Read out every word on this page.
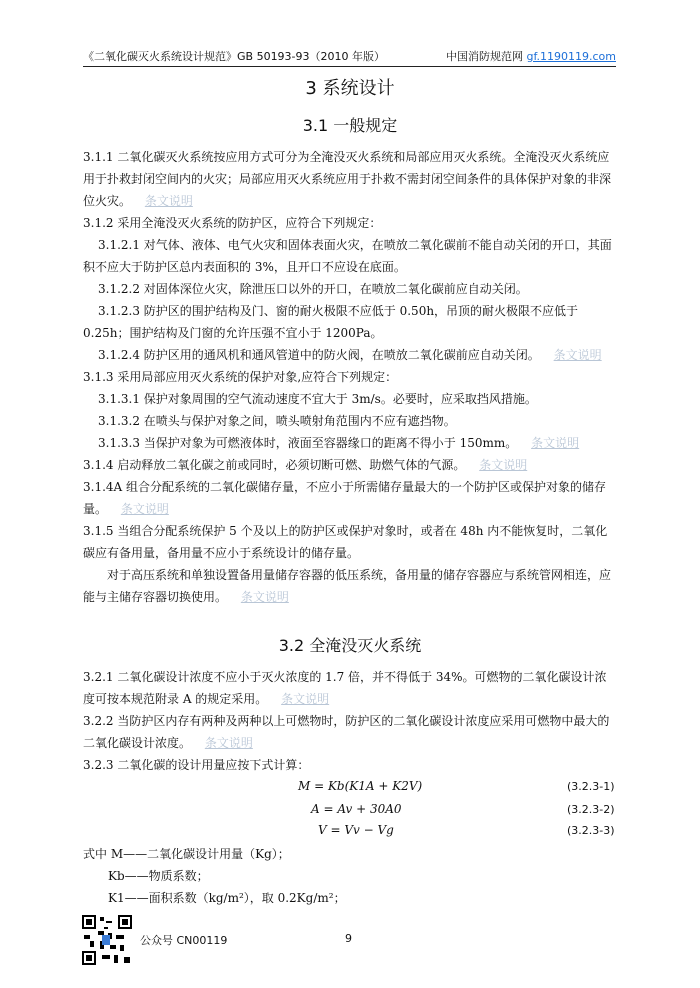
《二氧化碳灭火系统设计规范》GB 50193-93（2010 年版）	中国消防规范网 gf.1190119.com
3 系统设计
3.1 一般规定
3.1.1 二氧化碳灭火系统按应用方式可分为全淹没灭火系统和局部应用灭火系统。全淹没灭火系统应用于扑救封闭空间内的火灾；局部应用灭火系统应用于扑救不需封闭空间条件的具体保护对象的非深位火灾。 条文说明
3.1.2 采用全淹没灭火系统的防护区，应符合下列规定：
3.1.2.1 对气体、液体、电气火灾和固体表面火灾，在喷放二氧化碳前不能自动关闭的开口，其面积不应大于防护区总内表面积的 3%，且开口不应设在底面。
3.1.2.2 对固体深位火灾，除泄压口以外的开口，在喷放二氧化碳前应自动关闭。
3.1.2.3 防护区的围护结构及门、窗的耐火极限不应低于 0.50h，吊顶的耐火极限不应低于 0.25h；围护结构及门窗的允许压强不宜小于 1200Pa。
3.1.2.4 防护区用的通风机和通风管道中的防火阀，在喷放二氧化碳前应自动关闭。 条文说明
3.1.3 采用局部应用灭火系统的保护对象,应符合下列规定：
3.1.3.1 保护对象周围的空气流动速度不宜大于 3m/s。必要时，应采取挡风措施。
3.1.3.2 在喷头与保护对象之间，喷头喷射角范围内不应有遮挡物。
3.1.3.3 当保护对象为可燃液体时，液面至容器缘口的距离不得小于 150mm。 条文说明
3.1.4 启动释放二氧化碳之前或同时，必须切断可燃、助燃气体的气源。 条文说明
3.1.4A 组合分配系统的二氧化碳储存量，不应小于所需储存量最大的一个防护区或保护对象的储存量。 条文说明
3.1.5 当组合分配系统保护 5 个及以上的防护区或保护对象时，或者在 48h 内不能恢复时，二氧化碳应有备用量，备用量不应小于系统设计的储存量。
对于高压系统和单独设置备用量储存容器的低压系统，备用量的储存容器应与系统管网相连，应能与主储存容器切换使用。 条文说明
3.2 全淹没灭火系统
3.2.1 二氧化碳设计浓度不应小于灭火浓度的 1.7 倍，并不得低于 34%。可燃物的二氧化碳设计浓度可按本规范附录 A 的规定采用。 条文说明
3.2.2 当防护区内存有两种及两种以上可燃物时，防护区的二氧化碳设计浓度应采用可燃物中最大的二氧化碳设计浓度。 条文说明
3.2.3 二氧化碳的设计用量应按下式计算：
M = Kb(K1A + K2V)	(3.2.3-1)
A = Av + 30A0	(3.2.3-2)
V = Vv − Vg	(3.2.3-3)
式中 M——二氧化碳设计用量（Kg）；
Kb——物质系数；
K1——面积系数（kg/m²），取 0.2Kg/m²；
公众号 CN00119	9
